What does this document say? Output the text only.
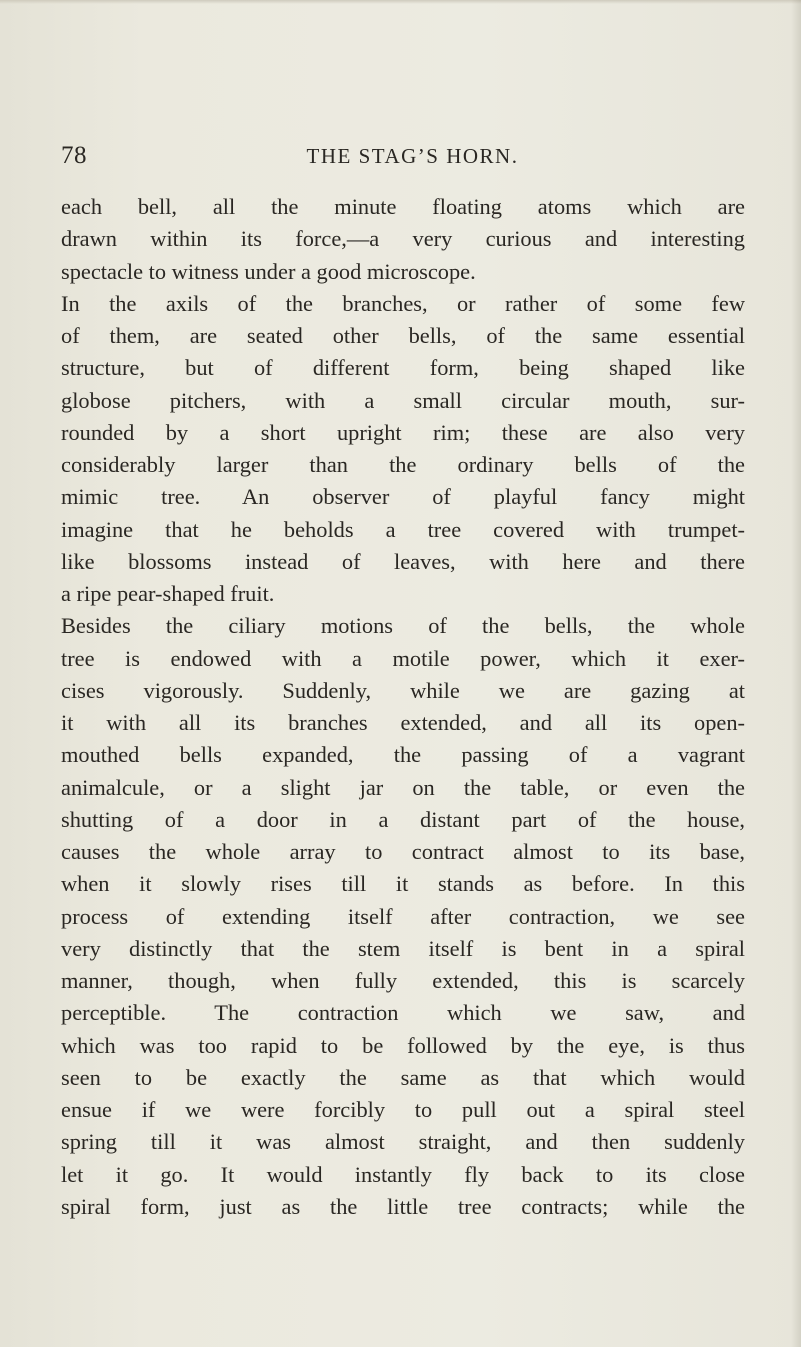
78	THE STAG’S HORN.
each bell, all the minute floating atoms which are
drawn within its force,—a very curious and interesting
spectacle to witness under a good microscope.
In the axils of the branches, or rather of some few
of them, are seated other bells, of the same essential
structure, but of different form, being shaped like
globose pitchers, with a small circular mouth, sur-
rounded by a short upright rim; these are also very
considerably larger than the ordinary bells of the
mimic tree. An observer of playful fancy might
imagine that he beholds a tree covered with trumpet-
like blossoms instead of leaves, with here and there
a ripe pear-shaped fruit.
Besides the ciliary motions of the bells, the whole
tree is endowed with a motile power, which it exer-
cises vigorously. Suddenly, while we are gazing at
it with all its branches extended, and all its open-
mouthed bells expanded, the passing of a vagrant
animalcule, or a slight jar on the table, or even the
shutting of a door in a distant part of the house,
causes the whole array to contract almost to its base,
when it slowly rises till it stands as before. In this
process of extending itself after contraction, we see
very distinctly that the stem itself is bent in a spiral
manner, though, when fully extended, this is scarcely
perceptible. The contraction which we saw, and
which was too rapid to be followed by the eye, is thus
seen to be exactly the same as that which would
ensue if we were forcibly to pull out a spiral steel
spring till it was almost straight, and then suddenly
let it go. It would instantly fly back to its close
spiral form, just as the little tree contracts; while the
